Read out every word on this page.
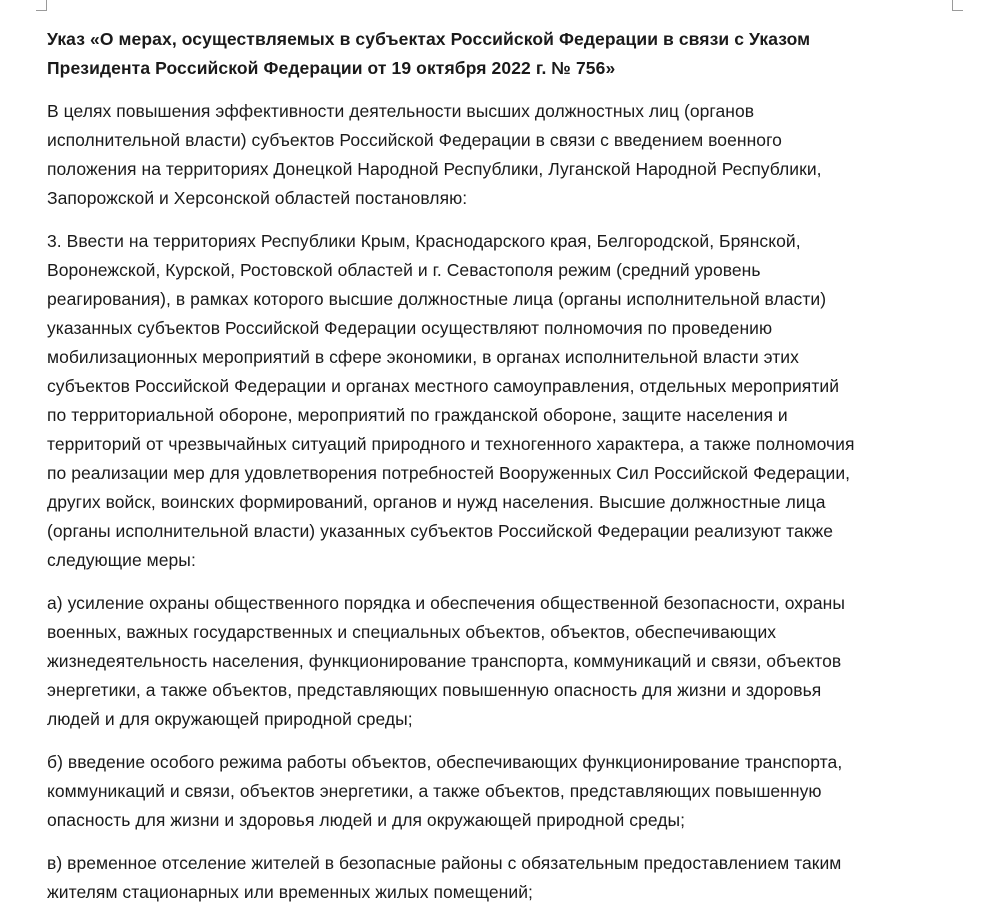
Указ «О мерах, осуществляемых в субъектах Российской Федерации в связи с Указом
Президента Российской Федерации от 19 октября 2022 г. № 756»

В целях повышения эффективности деятельности высших должностных лиц (органов
исполнительной власти) субъектов Российской Федерации в связи с введением военного
положения на территориях Донецкой Народной Республики, Луганской Народной Республики,
Запорожской и Херсонской областей постановляю:

3. Ввести на территориях Республики Крым, Краснодарского края, Белгородской, Брянской,
Воронежской, Курской, Ростовской областей и г. Севастополя режим (средний уровень
реагирования), в рамках которого высшие должностные лица (органы исполнительной власти)
указанных субъектов Российской Федерации осуществляют полномочия по проведению
мобилизационных мероприятий в сфере экономики, в органах исполнительной власти этих
субъектов Российской Федерации и органах местного самоуправления, отдельных мероприятий
по территориальной обороне, мероприятий по гражданской обороне, защите населения и
территорий от чрезвычайных ситуаций природного и техногенного характера, а также полномочия
по реализации мер для удовлетворения потребностей Вооруженных Сил Российской Федерации,
других войск, воинских формирований, органов и нужд населения. Высшие должностные лица
(органы исполнительной власти) указанных субъектов Российской Федерации реализуют также
следующие меры:

а) усиление охраны общественного порядка и обеспечения общественной безопасности, охраны
военных, важных государственных и специальных объектов, объектов, обеспечивающих
жизнедеятельность населения, функционирование транспорта, коммуникаций и связи, объектов
энергетики, а также объектов, представляющих повышенную опасность для жизни и здоровья
людей и для окружающей природной среды;

б) введение особого режима работы объектов, обеспечивающих функционирование транспорта,
коммуникаций и связи, объектов энергетики, а также объектов, представляющих повышенную
опасность для жизни и здоровья людей и для окружающей природной среды;

в) временное отселение жителей в безопасные районы с обязательным предоставлением таким
жителям стационарных или временных жилых помещений;
